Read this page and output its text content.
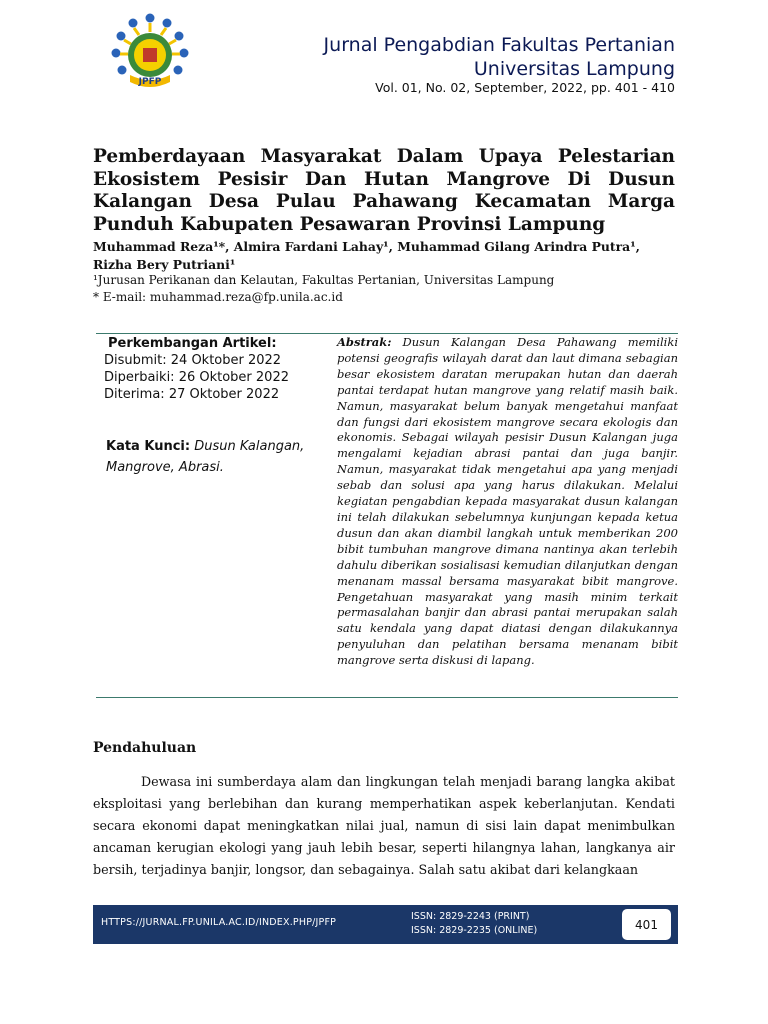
JPFP
Jurnal Pengabdian Fakultas Pertanian
Universitas Lampung
Vol. 01, No. 02, September, 2022, pp. 401 - 410
Pemberdayaan Masyarakat Dalam Upaya Pelestarian Ekosistem Pesisir Dan Hutan Mangrove Di Dusun Kalangan Desa Pulau Pahawang Kecamatan Marga Punduh Kabupaten Pesawaran Provinsi Lampung
Muhammad Reza¹*, Almira Fardani Lahay¹, Muhammad Gilang Arindra Putra¹,
Rizha Bery Putriani¹
¹Jurusan Perikanan dan Kelautan, Fakultas Pertanian, Universitas Lampung
* E-mail: muhammad.reza@fp.unila.ac.id
Perkembangan Artikel:
Disubmit: 24 Oktober 2022
Diperbaiki: 26 Oktober 2022
Diterima: 27 Oktober 2022
Kata Kunci: Dusun Kalangan, Mangrove, Abrasi.
Abstrak: Dusun Kalangan Desa Pahawang memiliki potensi geografis wilayah darat dan laut dimana sebagian besar ekosistem daratan merupakan hutan dan daerah pantai terdapat hutan mangrove yang relatif masih baik. Namun, masyarakat belum banyak mengetahui manfaat dan fungsi dari ekosistem mangrove secara ekologis dan ekonomis. Sebagai wilayah pesisir Dusun Kalangan juga mengalami kejadian abrasi pantai dan juga banjir. Namun, masyarakat tidak mengetahui apa yang menjadi sebab dan solusi apa yang harus dilakukan. Melalui kegiatan pengabdian kepada masyarakat dusun kalangan ini telah dilakukan sebelumnya kunjungan kepada ketua dusun dan akan diambil langkah untuk memberikan 200 bibit tumbuhan mangrove dimana nantinya akan terlebih dahulu diberikan sosialisasi kemudian dilanjutkan dengan menanam massal bersama masyarakat bibit mangrove. Pengetahuan masyarakat yang masih minim terkait permasalahan banjir dan abrasi pantai merupakan salah satu kendala yang dapat diatasi dengan dilakukannya penyuluhan dan pelatihan bersama menanam bibit mangrove serta diskusi di lapang.
Pendahuluan
Dewasa ini sumberdaya alam dan lingkungan telah menjadi barang langka akibat eksploitasi yang berlebihan dan kurang memperhatikan aspek keberlanjutan. Kendati secara ekonomi dapat meningkatkan nilai jual, namun di sisi lain dapat menimbulkan ancaman kerugian ekologi yang jauh lebih besar, seperti hilangnya lahan, langkanya air bersih, terjadinya banjir, longsor, dan sebagainya. Salah satu akibat dari kelangkaan
HTTPS://JURNAL.FP.UNILA.AC.ID/INDEX.PHP/JPFP
ISSN: 2829-2243 (PRINT)
ISSN: 2829-2235 (ONLINE)	401
